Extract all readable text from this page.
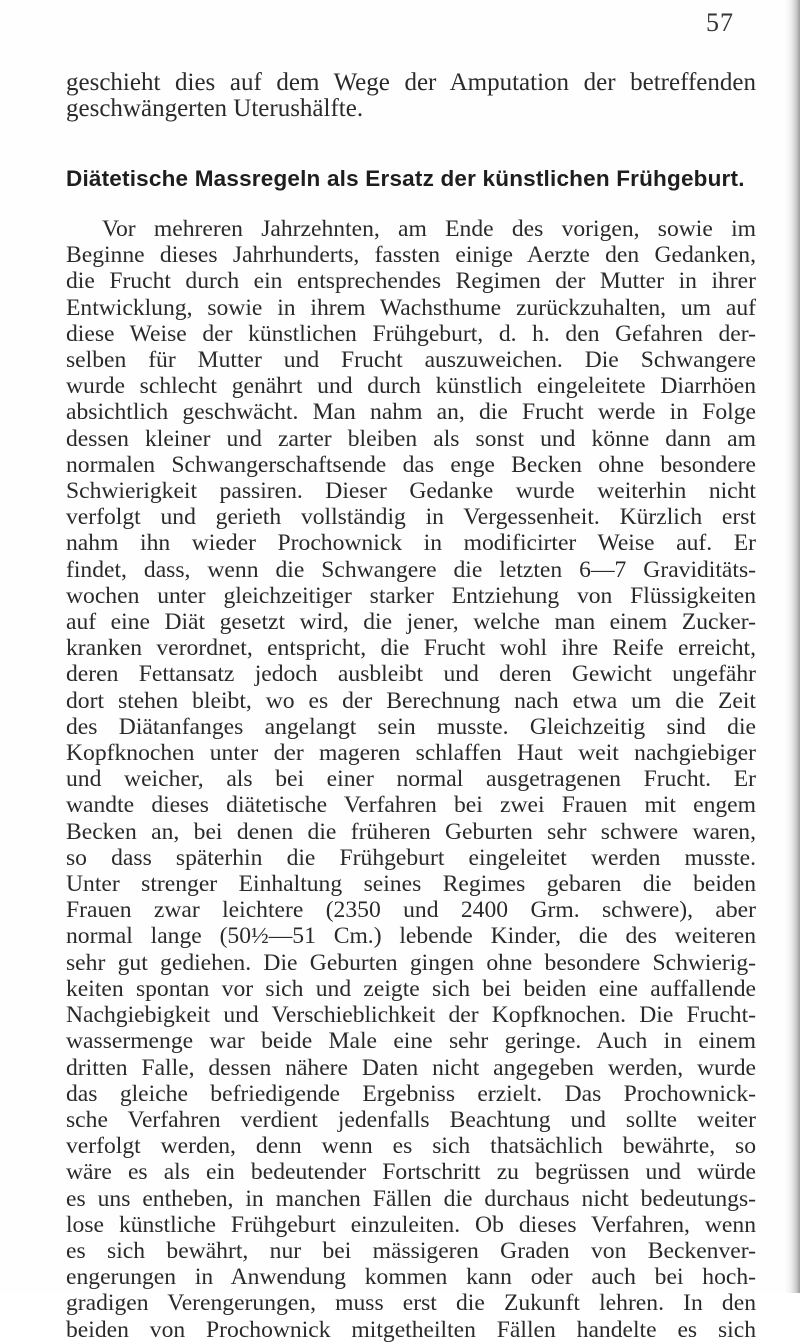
57
geschieht dies auf dem Wege der Amputation der betreffenden
geschwängerten Uterushälfte.
Diätetische Massregeln als Ersatz der künstlichen Frühgeburt.
Vor mehreren Jahrzehnten, am Ende des vorigen, sowie im
Beginne dieses Jahrhunderts, fassten einige Aerzte den Gedanken,
die Frucht durch ein entsprechendes Regimen der Mutter in ihrer
Entwicklung, sowie in ihrem Wachsthume zurückzuhalten, um auf
diese Weise der künstlichen Frühgeburt, d. h. den Gefahren der-
selben für Mutter und Frucht auszuweichen. Die Schwangere
wurde schlecht genährt und durch künstlich eingeleitete Diarrhöen
absichtlich geschwächt. Man nahm an, die Frucht werde in Folge
dessen kleiner und zarter bleiben als sonst und könne dann am
normalen Schwangerschaftsende das enge Becken ohne besondere
Schwierigkeit passiren. Dieser Gedanke wurde weiterhin nicht
verfolgt und gerieth vollständig in Vergessenheit. Kürzlich erst
nahm ihn wieder Prochownick in modificirter Weise auf. Er
findet, dass, wenn die Schwangere die letzten 6—7 Graviditäts-
wochen unter gleichzeitiger starker Entziehung von Flüssigkeiten
auf eine Diät gesetzt wird, die jener, welche man einem Zucker-
kranken verordnet, entspricht, die Frucht wohl ihre Reife erreicht,
deren Fettansatz jedoch ausbleibt und deren Gewicht ungefähr
dort stehen bleibt, wo es der Berechnung nach etwa um die Zeit
des Diätanfanges angelangt sein musste. Gleichzeitig sind die
Kopfknochen unter der mageren schlaffen Haut weit nachgiebiger
und weicher, als bei einer normal ausgetragenen Frucht. Er
wandte dieses diätetische Verfahren bei zwei Frauen mit engem
Becken an, bei denen die früheren Geburten sehr schwere waren,
so dass späterhin die Frühgeburt eingeleitet werden musste.
Unter strenger Einhaltung seines Regimes gebaren die beiden
Frauen zwar leichtere (2350 und 2400 Grm. schwere), aber
normal lange (50½—51 Cm.) lebende Kinder, die des weiteren
sehr gut gediehen. Die Geburten gingen ohne besondere Schwierig-
keiten spontan vor sich und zeigte sich bei beiden eine auffallende
Nachgiebigkeit und Verschieblichkeit der Kopfknochen. Die Frucht-
wassermenge war beide Male eine sehr geringe. Auch in einem
dritten Falle, dessen nähere Daten nicht angegeben werden, wurde
das gleiche befriedigende Ergebniss erzielt. Das Prochownick-
sche Verfahren verdient jedenfalls Beachtung und sollte weiter
verfolgt werden, denn wenn es sich thatsächlich bewährte, so
wäre es als ein bedeutender Fortschritt zu begrüssen und würde
es uns entheben, in manchen Fällen die durchaus nicht bedeutungs-
lose künstliche Frühgeburt einzuleiten. Ob dieses Verfahren, wenn
es sich bewährt, nur bei mässigeren Graden von Beckenver-
engerungen in Anwendung kommen kann oder auch bei hoch-
gradigen Verengerungen, muss erst die Zukunft lehren. In den
beiden von Prochownick mitgetheilten Fällen handelte es sich
